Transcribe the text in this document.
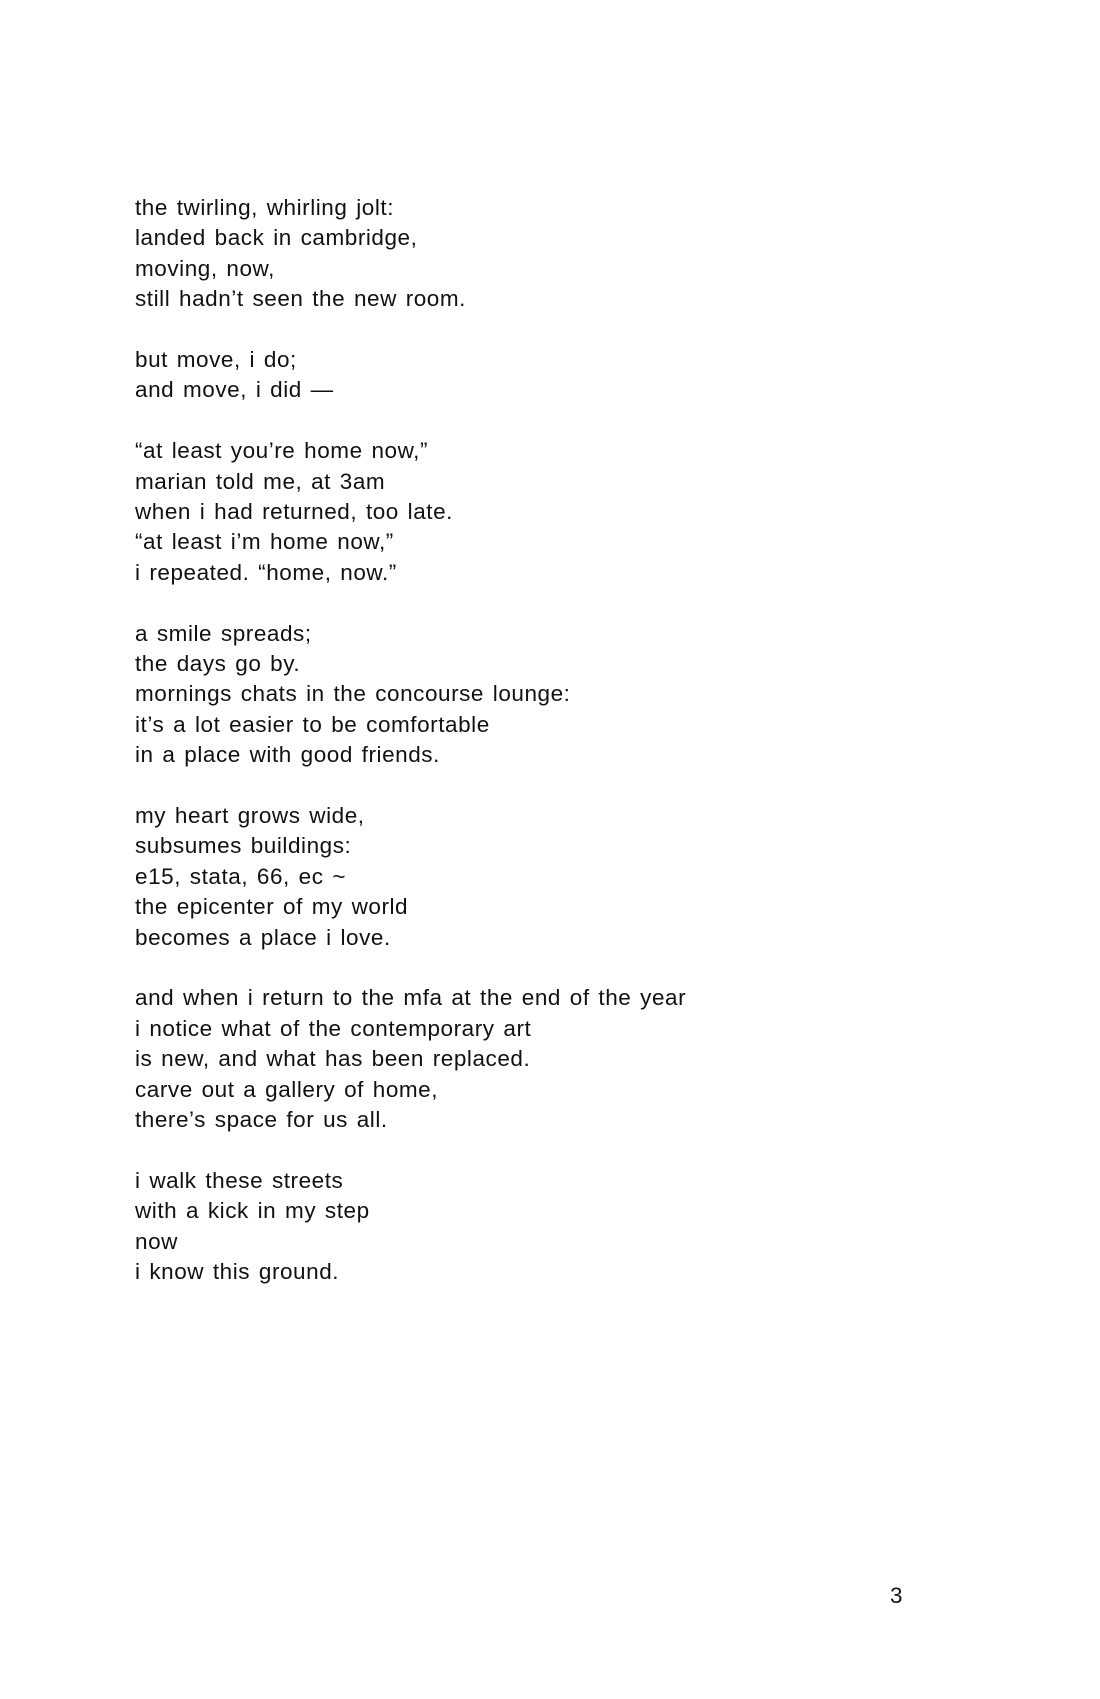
the twirling, whirling jolt:
landed back in cambridge,
moving, now,
still hadn’t seen the new room.
but move, i do;
and move, i did —
“at least you’re home now,”
marian told me, at 3am
when i had returned, too late.
“at least i’m home now,”
i repeated. “home, now.”
a smile spreads;
the days go by.
mornings chats in the concourse lounge:
it’s a lot easier to be comfortable
in a place with good friends.
my heart grows wide,
subsumes buildings:
e15, stata, 66, ec ~
the epicenter of my world
becomes a place i love.
and when i return to the mfa at the end of the year
i notice what of the contemporary art
is new, and what has been replaced.
carve out a gallery of home,
there’s space for us all.
i walk these streets
with a kick in my step
now
i know this ground.
3
